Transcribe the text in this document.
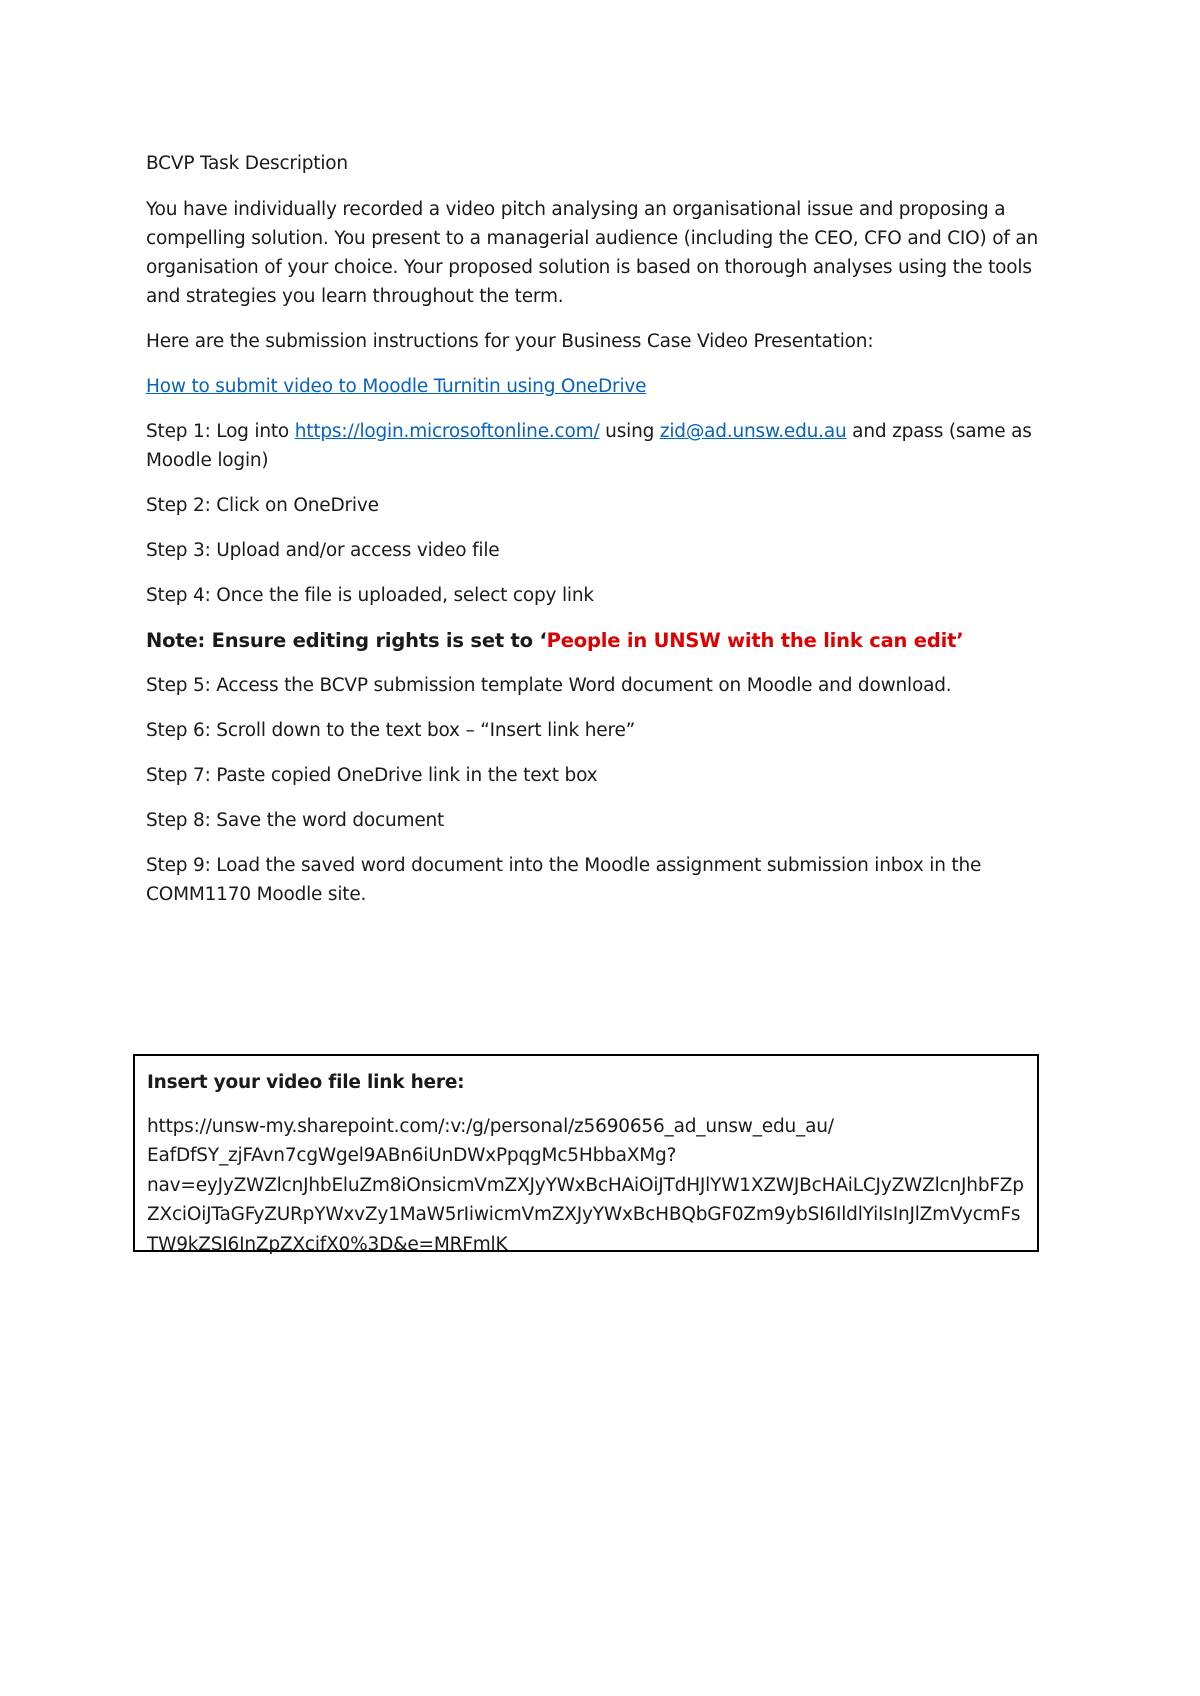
BCVP Task Description

You have individually recorded a video pitch analysing an organisational issue and proposing a compelling solution. You present to a managerial audience (including the CEO, CFO and CIO) of an organisation of your choice. Your proposed solution is based on thorough analyses using the tools and strategies you learn throughout the term.

Here are the submission instructions for your Business Case Video Presentation:

How to submit video to Moodle Turnitin using OneDrive

Step 1: Log into https://login.microsoftonline.com/ using zid@ad.unsw.edu.au and zpass (same as Moodle login)

Step 2: Click on OneDrive

Step 3: Upload and/or access video file

Step 4: Once the file is uploaded, select copy link

Note: Ensure editing rights is set to ‘People in UNSW with the link can edit’

Step 5: Access the BCVP submission template Word document on Moodle and download.

Step 6: Scroll down to the text box – “Insert link here”

Step 7: Paste copied OneDrive link in the text box

Step 8: Save the word document

Step 9: Load the saved word document into the Moodle assignment submission inbox in the COMM1170 Moodle site.

Insert your video file link here:

https://unsw-my.sharepoint.com/:v:/g/personal/z5690656_ad_unsw_edu_au/
EafDfSY_zjFAvn7cgWgel9ABn6iUnDWxPpqgMc5HbbaXMg?
nav=eyJyZWZlcnJhbEluZm8iOnsicmVmZXJyYWxBcHAiOiJTdHJlYW1XZWJBcHAiLCJyZWZlcnJhbFZp
ZXciOiJTaGFyZURpYWxvZy1MaW5rIiwicmVmZXJyYWxBcHBQbGF0Zm9ybSI6IldlYiIsInJlZmVycmFs
TW9kZSI6InZpZXcifX0%3D&e=MRFmlK
